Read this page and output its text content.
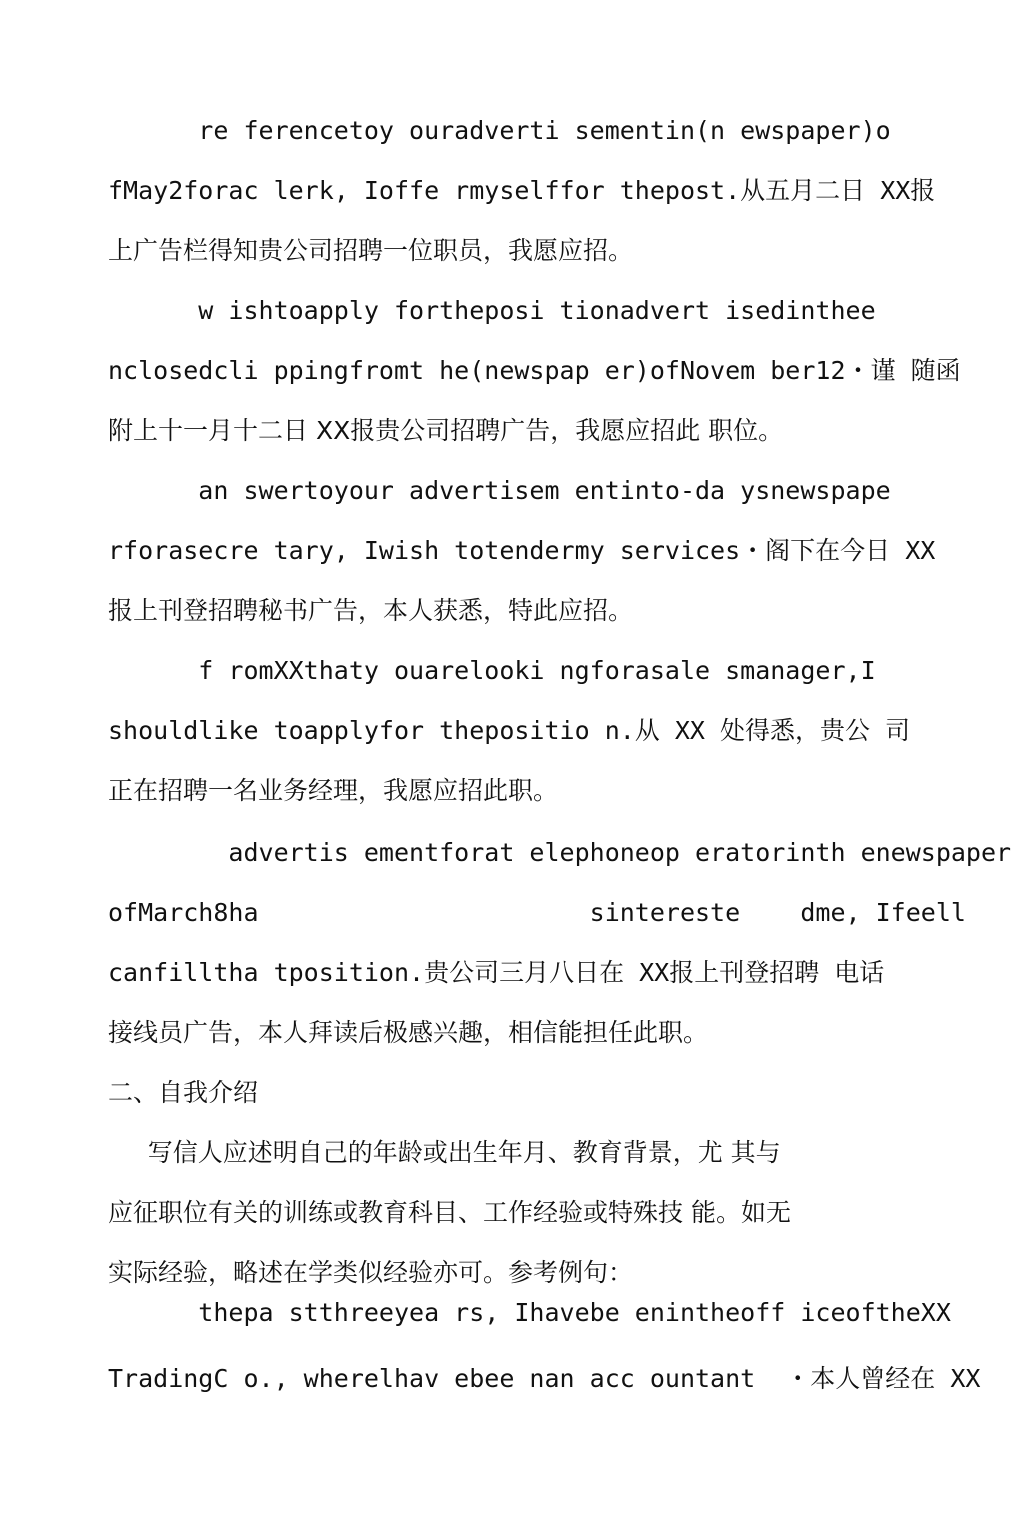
re ferencetoy ouradverti sementin(n ewspaper)o
fMay2forac lerk, Ioffe rmyselffor thepost.从五月二日 XX报
上广告栏得知贵公司招聘一位职员，我愿应招。
w ishtoapply fortheposi tionadvert isedinthee
nclosedcli ppingfromt he(newspap er)ofNovem ber12・谨 随函
附上十一月十二日 XX报贵公司招聘广告，我愿应招此 职位。
an swertoyour advertisem entinto-da ysnewspape
rforasecre tary, Iwish totendermy services・阁下在今日 XX
报上刊登招聘秘书广告，本人获悉，特此应招。
f romXXthaty ouarelooki ngforasale smanager,I
shouldlike toapplyfor thepositio n.从 XX 处得悉，贵公 司
正在招聘一名业务经理，我愿应招此职。
advertis ementforat elephoneop eratorinth enewspaper
ofMarch8ha                      sintereste    dme, Ifeell
canfilltha tposition.贵公司三月八日在 XX报上刊登招聘 电话
接线员广告，本人拜读后极感兴趣，相信能担任此职。
二、自我介绍
写信人应述明自己的年龄或出生年月、教育背景，尤 其与
应征职位有关的训练或教育科目、工作经验或特殊技 能。如无
实际经验，略述在学类似经验亦可。参考例句：
thepa stthreeyea rs, Ihavebe enintheoff iceoftheXX
TradingC o., wherelhav ebee nan acc ountant  ・本人曾经在 XX
